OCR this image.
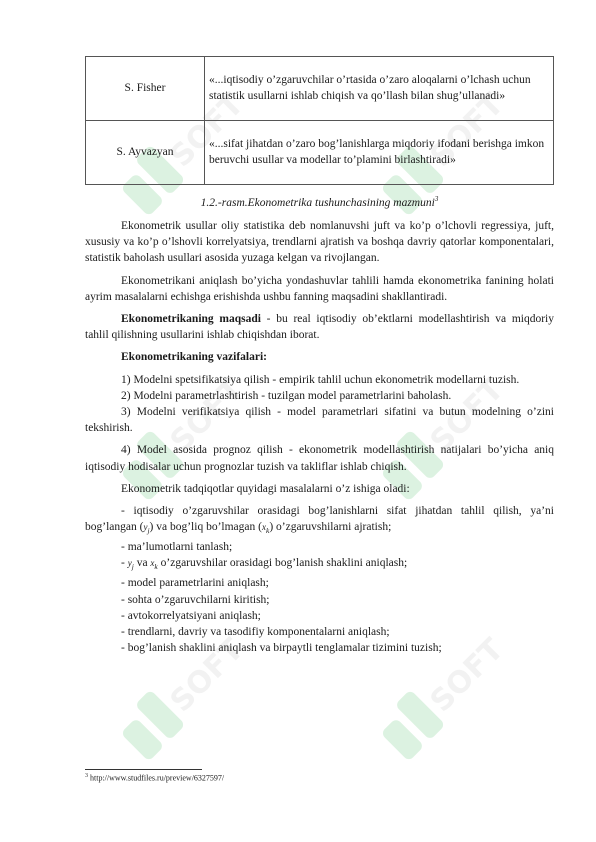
SOFT	SOFT
SOFT	SOFT
SOFT	SOFT
S. Fisher	«...iqtisodiy o’zgaruvchilar o’rtasida o’zaro aloqalarni o’lchash uchun statistik usullarni ishlab chiqish va qo’llash bilan shug’ullanadi»
S. Ayvazyan	«...sifat jihatdan o’zaro bog’lanishlarga miqdoriy ifodani berishga imkon beruvchi usullar va modellar to’plamini birlashtiradi»
1.2.-rasm.Ekonometrika tushunchasining mazmuni$^3$

Ekonometrik usullar oliy statistika deb nomlanuvshi juft va ko’p o’lchovli regressiya, juft, xususiy va ko’p o’lshovli korrelyatsiya, trendlarni ajratish va boshqa davriy qatorlar komponentalari, statistik baholash usullari asosida yuzaga kelgan va rivojlangan.

Ekonometrikani aniqlash bo’yicha yondashuvlar tahlili hamda ekonometrika fanining holati ayrim masalalarni echishga erishishda ushbu fanning maqsadini shakllantiradi.

Ekonometrikaning maqsadi - bu real iqtisodiy ob’ektlarni modellashtirish va miqdoriy tahlil qilishning usullarini ishlab chiqishdan iborat.

Ekonometrikaning vazifalari:

1) Modelni spetsifikatsiya qilish - empirik tahlil uchun ekonometrik modellarni tuzish.

2) Modelni parametrlashtirish - tuzilgan model parametrlarini baholash.

3) Modelni verifikatsiya qilish - model parametrlari sifatini va butun modelning o’zini tekshirish.

4) Model asosida prognoz qilish - ekonometrik modellashtirish natijalari bo’yicha aniq iqtisodiy hodisalar uchun prognozlar tuzish va takliflar ishlab chiqish.

Ekonometrik tadqiqotlar quyidagi masalalarni o’z ishiga oladi:

- iqtisodiy o’zgaruvshilar orasidagi bog’lanishlarni sifat jihatdan tahlil qilish, ya’ni bog’langan $(y_j)$ va bog’liq bo’lmagan $(x_k)$ o’zgaruvshilarni ajratish;

- ma’lumotlarni tanlash;
- $y_j$ va $x_k$ o’zgaruvshilar orasidagi bog’lanish shaklini aniqlash;
- model parametrlarini aniqlash;
- sohta o’zgaruvchilarni kiritish;
- avtokorrelyatsiyani aniqlash;
- trendlarni, davriy va tasodifiy komponentalarni aniqlash;
- bog’lanish shaklini aniqlash va birpaytli tenglamalar tizimini tuzish;
$^3$ http://www.studfiles.ru/preview/6327597/
